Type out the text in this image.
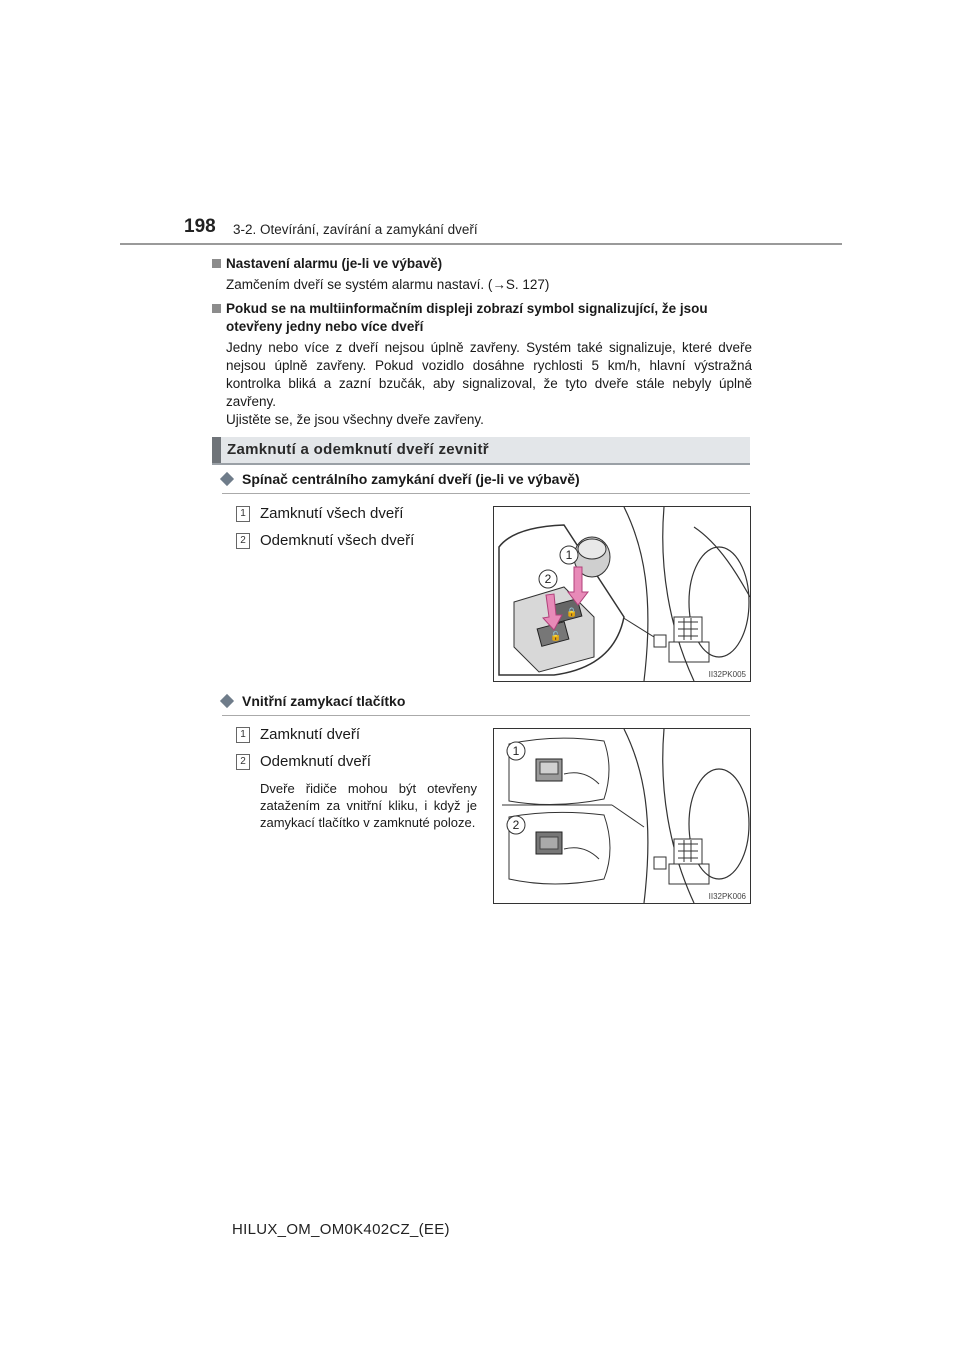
198 3-2. Otevírání, zavírání a zamykání dveří
Nastavení alarmu (je-li ve výbavě)

Zamčením dveří se systém alarmu nastaví. (→S. 127)

Pokud se na multiinformačním displeji zobrazí symbol signalizující, že jsou otevřeny jedny nebo více dveří

Jedny nebo více z dveří nejsou úplně zavřeny. Systém také signalizuje, které dveře nejsou úplně zavřeny. Pokud vozidlo dosáhne rychlosti 5 km/h, hlavní výstražná kontrolka bliká a zazní bzučák, aby signalizoval, že tyto dveře stále nebyly úplně zavřeny.

Ujistěte se, že jsou všechny dveře zavřeny.

Zamknutí a odemknutí dveří zevnitř
Spínač centrálního zamykání dveří (je-li ve výbavě)
1 Zamknutí všech dveří
2 Odemknutí všech dveří
🔒
🔓
1
2
II32PK005
Vnitřní zamykací tlačítko
1 Zamknutí dveří
2 Odemknutí dveří
Dveře řidiče mohou být otevřeny zatažením za vnitřní kliku, i když je zamykací tlačítko v zamknuté poloze.
1
2
II32PK006
HILUX_OM_OM0K402CZ_(EE)
